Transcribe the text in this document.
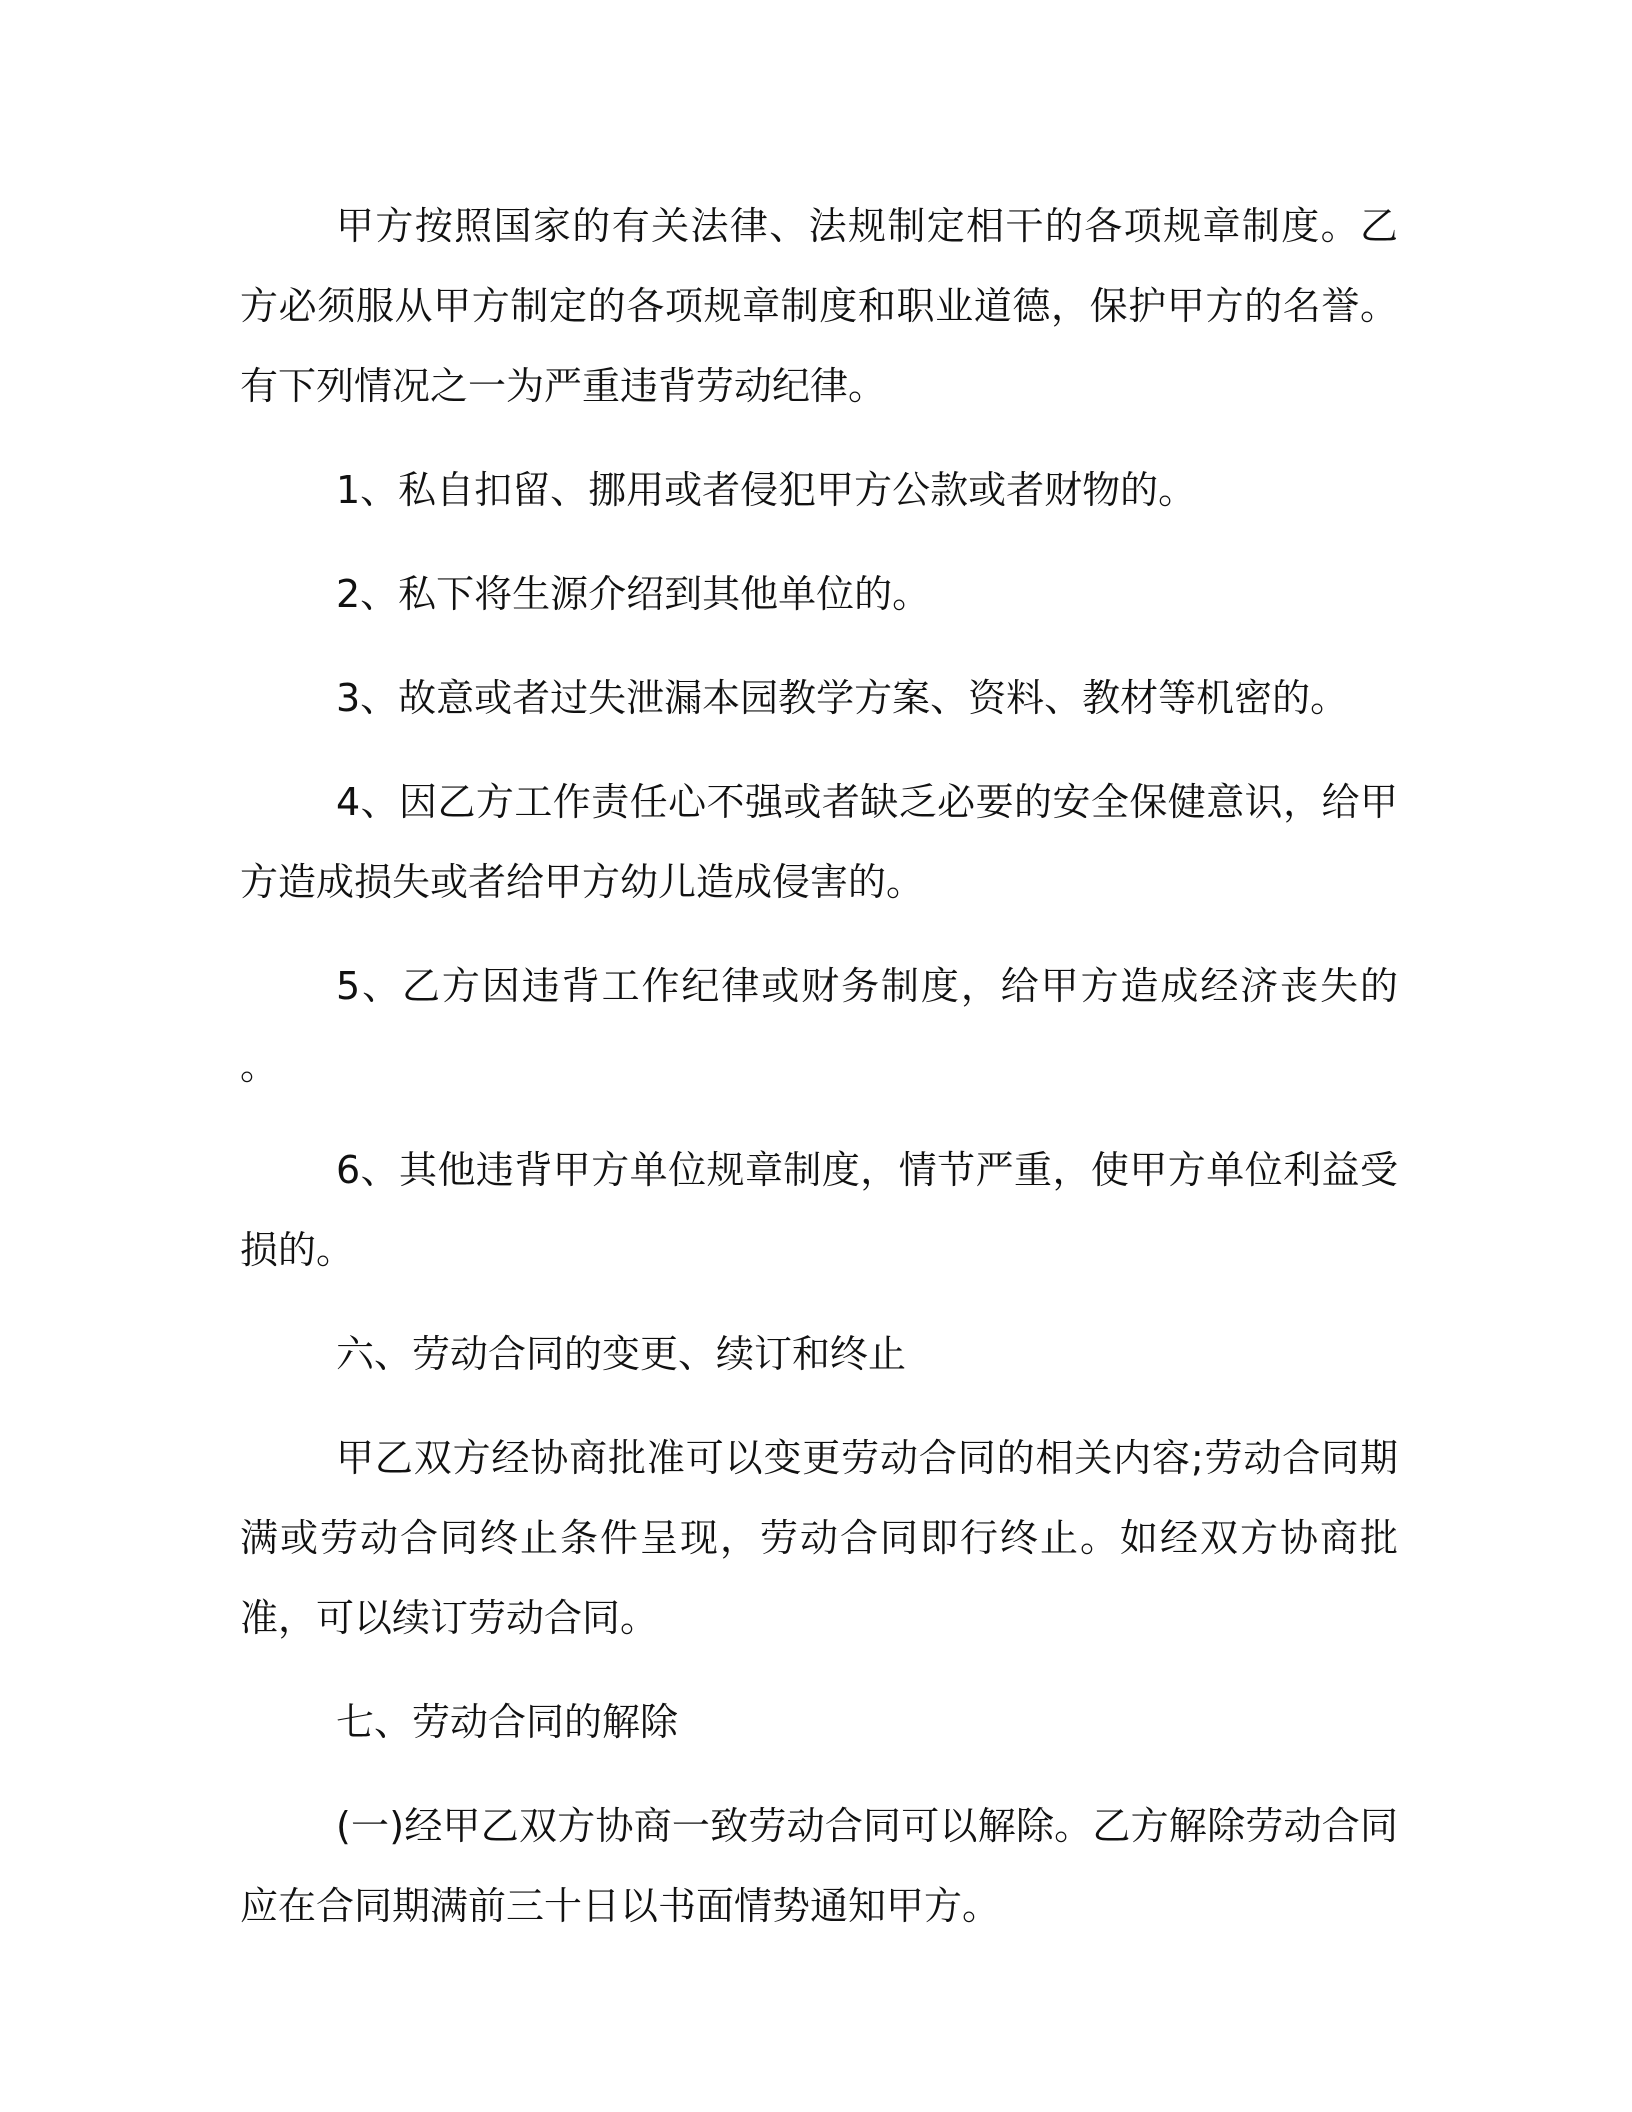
甲方按照国家的有关法律、法规制定相干的各项规章制度。乙方必须服从甲方制定的各项规章制度和职业道德，保护甲方的名誉。有下列情况之一为严重违背劳动纪律。

1、私自扣留、挪用或者侵犯甲方公款或者财物的。

2、私下将生源介绍到其他单位的。

3、故意或者过失泄漏本园教学方案、资料、教材等机密的。

4、因乙方工作责任心不强或者缺乏必要的安全保健意识，给甲方造成损失或者给甲方幼儿造成侵害的。

5、乙方因违背工作纪律或财务制度，给甲方造成经济丧失的 。

6、其他违背甲方单位规章制度，情节严重，使甲方单位利益受损的。

六、劳动合同的变更、续订和终止

甲乙双方经协商批准可以变更劳动合同的相关内容;劳动合同期满或劳动合同终止条件呈现，劳动合同即行终止。如经双方协商批准，可以续订劳动合同。

七、劳动合同的解除

(一)经甲乙双方协商一致劳动合同可以解除。乙方解除劳动合同应在合同期满前三十日以书面情势通知甲方。
